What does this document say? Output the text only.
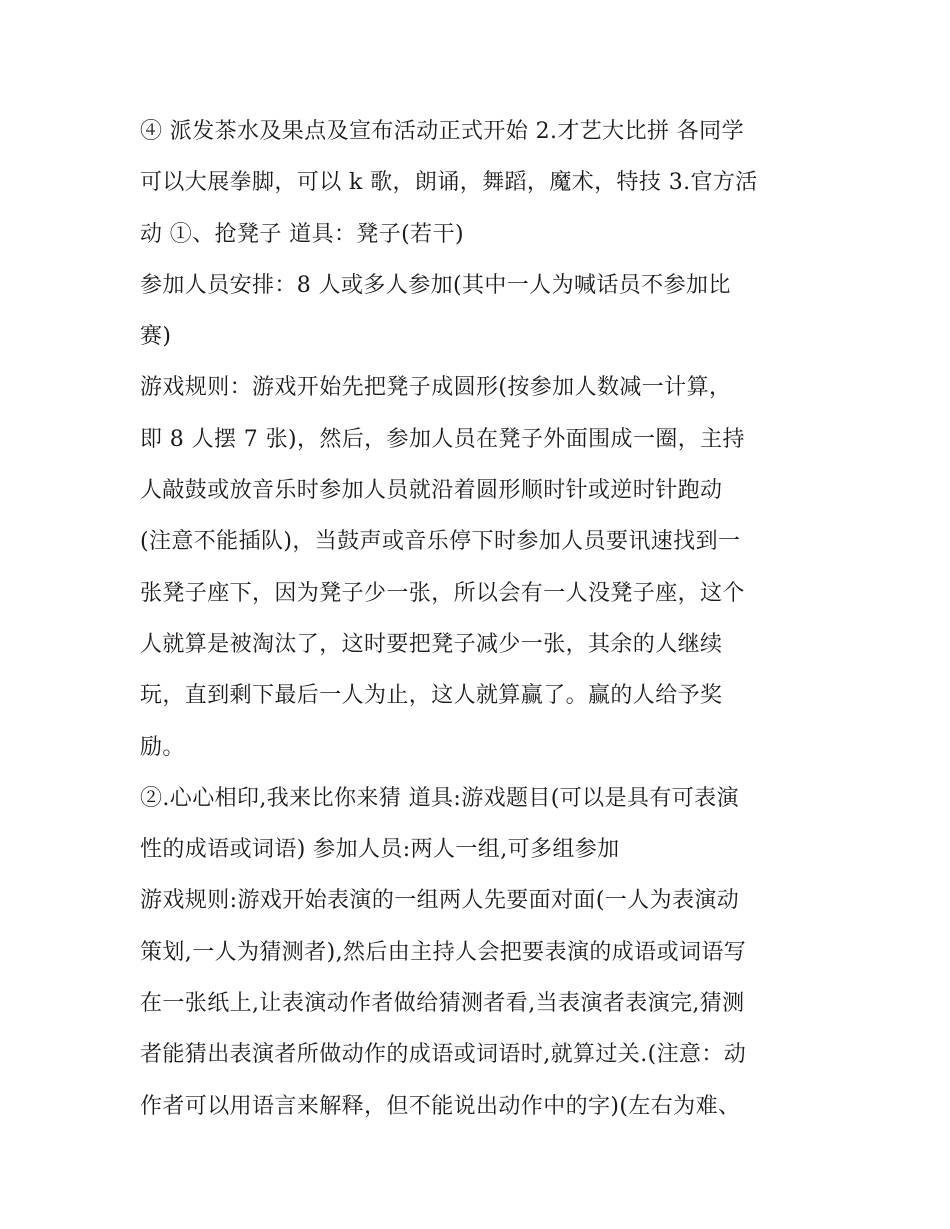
④ 派发茶水及果点及宣布活动正式开始 2.才艺大比拼 各同学
可以大展拳脚，可以 k 歌，朗诵，舞蹈，魔术，特技 3.官方活
动 ①、抢凳子 道具：凳子(若干)
参加人员安排：8 人或多人参加(其中一人为喊话员不参加比
赛)
游戏规则：游戏开始先把凳子成圆形(按参加人数减一计算，
即 8 人摆 7 张)，然后，参加人员在凳子外面围成一圈，主持
人敲鼓或放音乐时参加人员就沿着圆形顺时针或逆时针跑动
(注意不能插队)，当鼓声或音乐停下时参加人员要讯速找到一
张凳子座下，因为凳子少一张，所以会有一人没凳子座，这个
人就算是被淘汰了，这时要把凳子减少一张，其余的人继续
玩，直到剩下最后一人为止，这人就算赢了。赢的人给予奖
励。
②.心心相印,我来比你来猜 道具:游戏题目(可以是具有可表演
性的成语或词语) 参加人员:两人一组,可多组参加
游戏规则:游戏开始表演的一组两人先要面对面(一人为表演动
策划,一人为猜测者),然后由主持人会把要表演的成语或词语写
在一张纸上,让表演动作者做给猜测者看,当表演者表演完,猜测
者能猜出表演者所做动作的成语或词语时,就算过关.(注意：动
作者可以用语言来解释，但不能说出动作中的字)(左右为难、
